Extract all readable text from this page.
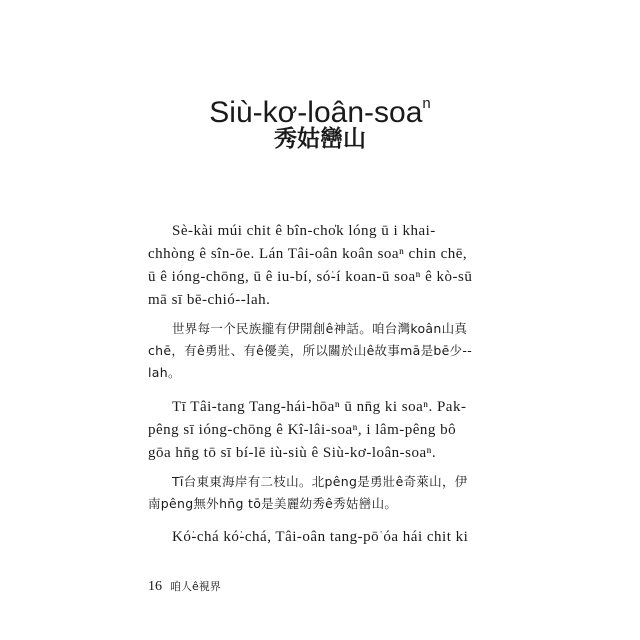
Siù-kơ-loân-soa$^n$
秀姑巒山
Sè-kài múi chit ê bîn-cho̍k lóng ū i khai-
chhòng ê sîn-ōe. Lán Tâi-oân koân soaⁿ chin chē,
ū ê ióng-chōng, ū ê iu-bí, só͘-í koan-ū soaⁿ ê kò-sū
mā sī bē-chió--lah.
世界每一个民族攏有伊開創ê神話。咱台灣koân山真
chē，有ê勇壯、有ê優美，所以關於山ê故事mā是bē少--
lah。
Tī Tâi-tang Tang-hái-hōaⁿ ū nn̄g ki soaⁿ. Pak-
pêng sī ióng-chōng ê Kî-lâi-soaⁿ, i lâm-pêng bô
gōa hn̄g tō sī bí-lē iù-siù ê Siù-kơ-loân-soaⁿ.
Tī台東東海岸有二枝山。北pêng是勇壯ê奇萊山，伊
南pêng無外hn̄g tō是美麗幼秀ê秀姑巒山。
Kó͘-chá kó͘-chá, Tâi-oân tang-pō͘ óa hái chit ki
16 咱人ê視界
